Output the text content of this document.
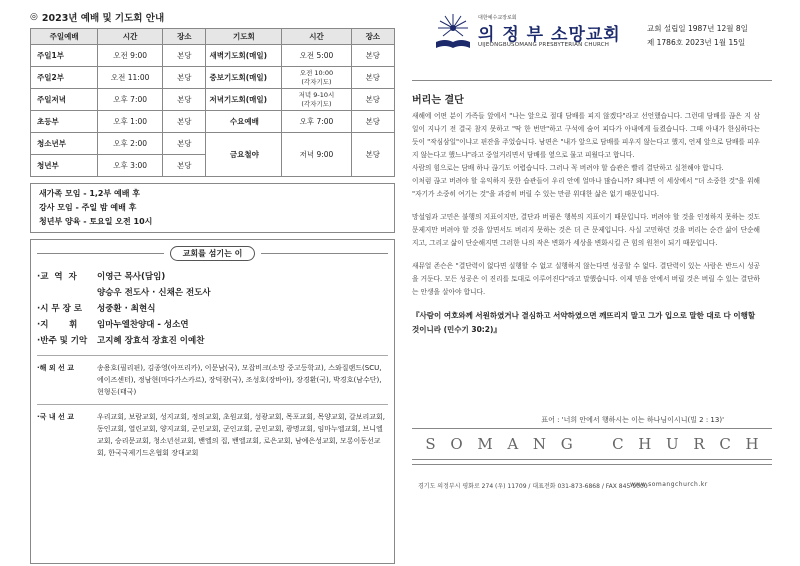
◎ 2023년 예배 및 기도회 안내
주일예배	시간	장소	기도회	시간	장소
주일1부	오전 9:00	본당	새벽기도회(매일)	오전 5:00	본당
주일2부	오전 11:00	본당	중보기도회(매일)	오전 10:00
(각자기도)	본당
주일저녁	오후 7:00	본당	저녁기도회(매일)	저녁 9-10시
(각자기도)	본당
초등부	오후 1:00	본당	수요예배	오후 7:00	본당
청소년부	오후 2:00	본당	금요철야	저녁 9:00	본당
청년부	오후 3:00	본당			
새가족 모임 - 1,2부 예배 후
강사 모임 - 주일 밤 예배 후
청년부 양육 - 토요일 오전 10시
교회를 섬기는 이
·교  역  자	이영근 목사(담임)
양승우 전도사 · 신채은 전도사
·시 무 장 로	성중환 · 최현식
·지       휘	임마누엘찬양대 - 성소연
·반주 및 기악	고지혜 장효석 장효진 이예찬
·해 외 선 교	송용호(필리핀), 김종영(아프리카), 이문남(국), 모잡비크(소망 중고등학교), 스와질랜드(SCU, 에이즈센터), 정남현(마다가스카르), 장덕광(국), 조성호(장바아), 장경환(국), 박경호(남수단), 현형돈(태국)
·국 내 선 교	우리교회, 보람교회, 성지교회, 정의교회, 초원교회, 성광교회, 목포교회, 목양교회, 갈보리교회, 동인교회, 열린교회, 양지교회, 군인교회, 군인교회, 군인교회, 광명교회, 임마누엘교회, 브니엘교회, 승리문교회, 청소년선교회, 밴엘의 집, 밴엘교회, 로은교회, 남예은성교회, 모롱이동선교회, 한국국제기드온협회 장대교회
대한예수교장로회
의 정 부 소망교회
UIJEONGBUSOMANG PRESBYTERIAN CHURCH
교회 설립일 1987년 12월 8일
제 1786호 2023년 1월 15일
버리는 결단

새해에 어떤 분이 가족들 앞에서 "나는 앞으로 절대 담배를 피지 않겠다"라고 선언했습니다. 그런데 담배를 끊은 지 삼 일이 지나기 전 결국 참지 못하고 "딱 한 번만"하고 구석에 숨어 피다가 아내에게 들켰습니다. 그때 아내가 한심하다는 듯이 "작심삼일"이냐고 핀잔을 주었습니다. 남편은 "내가 앞으로 담배를 피우지 않는다고 했지, 언제 앞으로 담배를 피우지 않는다고 했느냐"라고 중얼거리면서 담배를 옆으로 물고 피웠다고 합니다.

사람의 힘으로는 담배 하나 끊기도 어렵습니다. 그러나 꼭 버려야 할 습관은 빨리 결단하고 실천해야 합니다.

이처럼 끊고 버려야 할 유익하지 못한 습관들이 우리 안에 얼마나 많습니까? 왜냐면 이 세상에서 "더 소중한 것"을 위해 "자기가 소중히 여기는 것"을 과감히 버릴 수 있는 만큼 위대한 삶은 없기 때문입니다.

망설임과 고민은 불행의 지표이지만, 결단과 버림은 행복의 지표이기 때문입니다. 버려야 할 것을 인정하지 못하는 것도 문제지만 버려야 할 것을 알면서도 버리지 못하는 것은 더 큰 문제입니다. 사실 고민하던 것을 버리는 순간 삶이 단순해지고, 그리고 삶이 단순해지면 그러한 나의 작은 변화가 세상을 변화시킬 큰 힘의 원천이 되기 때문입니다.

새뮤얼 존슨은 "결단력이 없다면 실행할 수 없고 실행하지 않는다면 성공할 수 없다. 결단력이 있는 사람은 반드시 성공을 거둔다. 모든 성공은 이 진리를 토대로 이루어진다"라고 말했습니다. 이제 믿음 안에서 버릴 것은 버릴 수 있는 결단하는 안생을 살아야 합니다.

『사람이 여호와께 서원하였거나 결심하고 서약하였으면 깨뜨리지 말고 그가 입으로 말한 대로 다 이행할 것이니라 (민수기 30:2)』

표어 : '너희 안에서 행하시는 이는 하나님이시니(빌 2 : 13)'
S O M A N G	C H U R C H
경기도 의정부시 평화로 274 (우) 11709 / 대표전화 031-873-6868 / FAX 845-9000
www.somangchurch.kr
